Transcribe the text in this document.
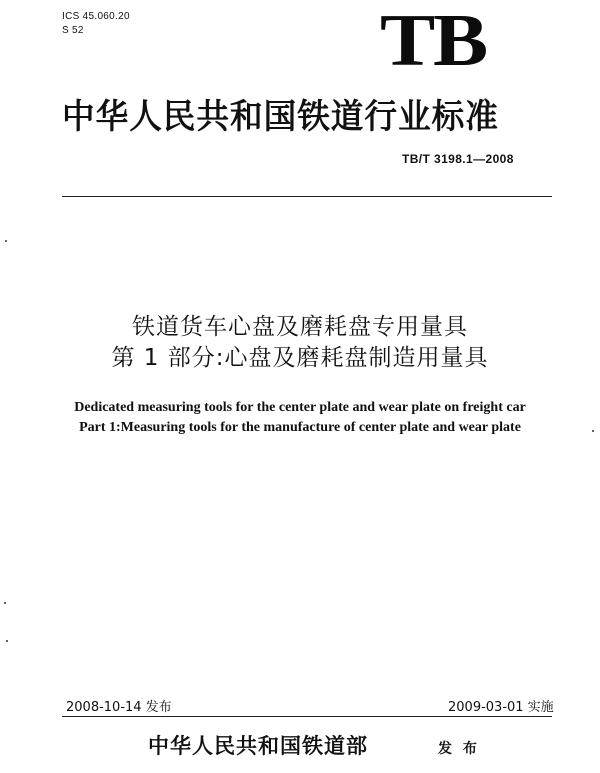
ICS 45.060.20
S 52	TB
中华人民共和国铁道行业标准
TB/T 3198.1—2008
铁道货车心盘及磨耗盘专用量具
第 1 部分:心盘及磨耗盘制造用量具
Dedicated measuring tools for the center plate and wear plate on freight car
Part 1:Measuring tools for the manufacture of center plate and wear plate
2008-10-14 发布	2009-03-01 实施
中华人民共和国铁道部	发 布
